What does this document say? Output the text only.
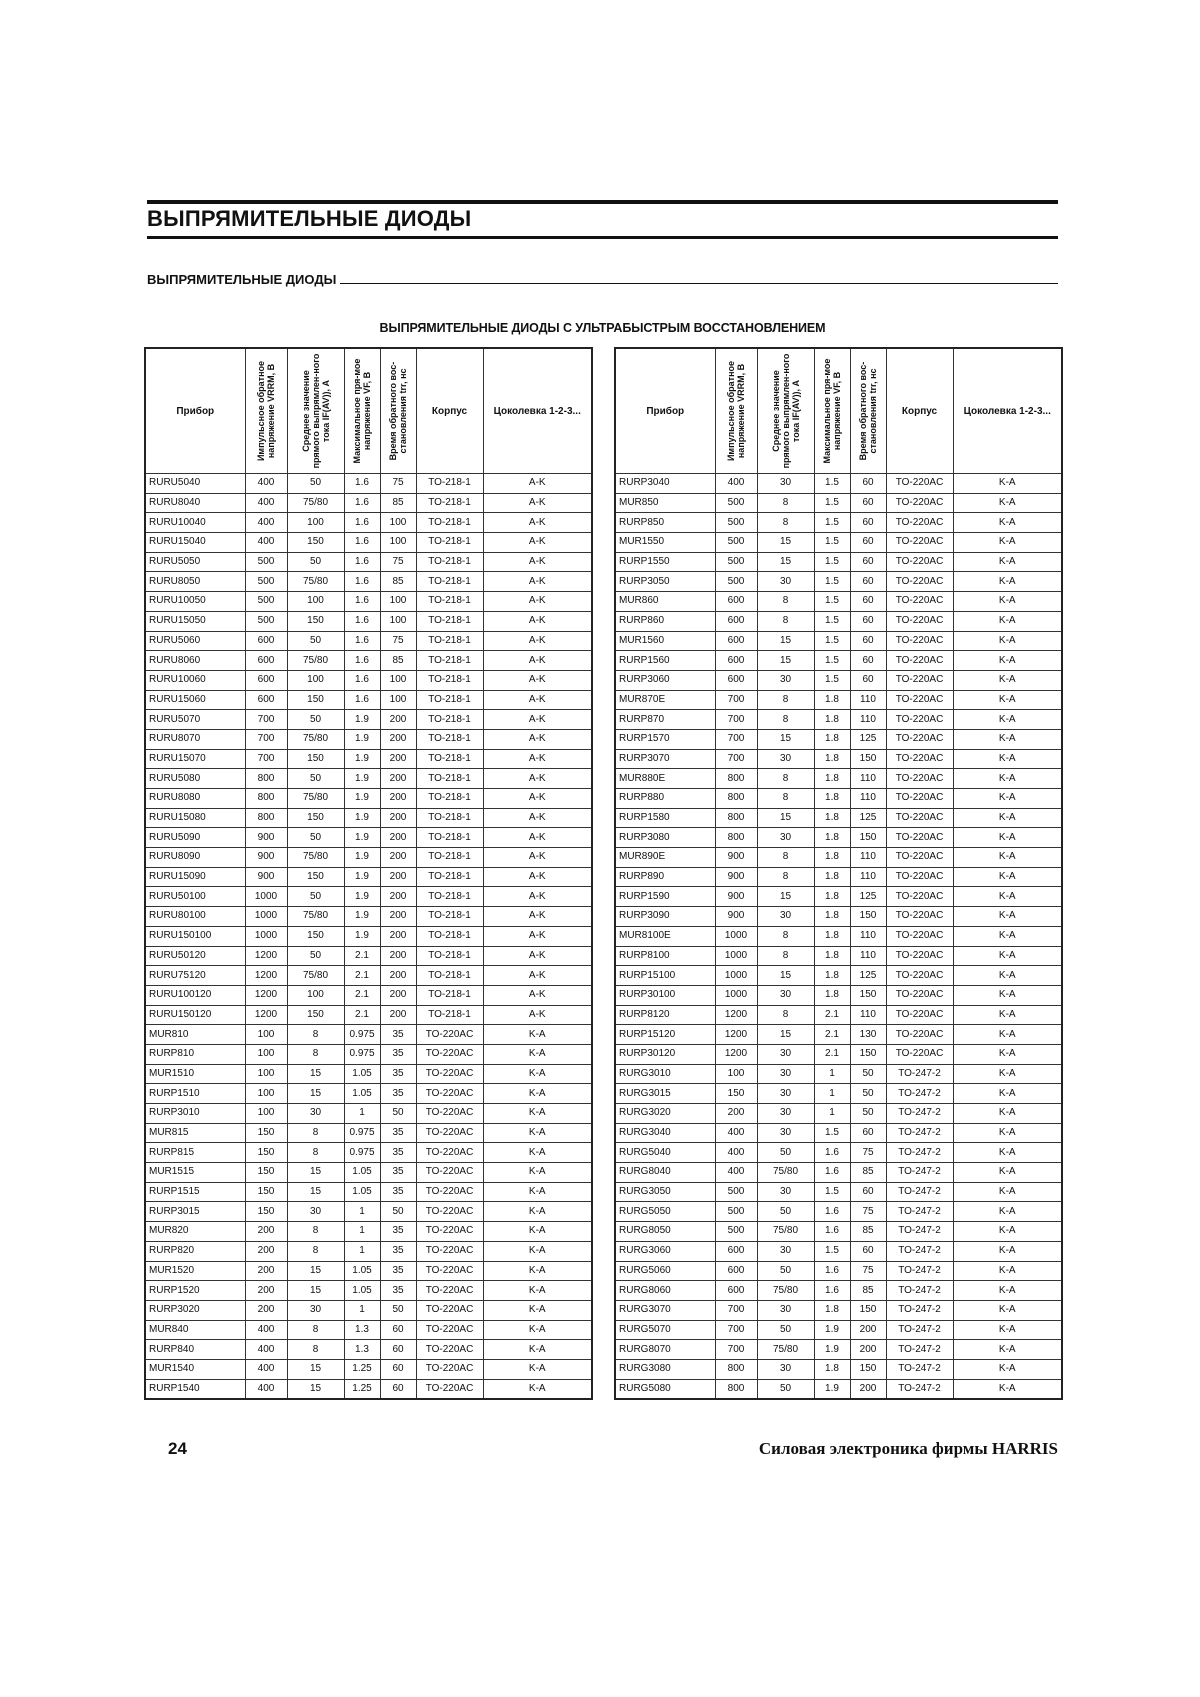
ВЫПРЯМИТЕЛЬНЫЕ ДИОДЫ
ВЫПРЯМИТЕЛЬНЫЕ ДИОДЫ
ВЫПРЯМИТЕЛЬНЫЕ ДИОДЫ С УЛЬТРАБЫСТРЫМ ВОССТАНОВЛЕНИЕМ
Прибор	Импульсное обратное напряжение VRRM, В	Среднее значение прямого выпрямлен-ного тока IF(AV)), А	Максимальное пря-мое напряжение VF, В	Время обратного вос-становления trr, нс	Корпус	Цоколевка 1-2-3...
RURU5040	400	50	1.6	75	TO-218-1	A-K
RURU8040	400	75/80	1.6	85	TO-218-1	A-K
RURU10040	400	100	1.6	100	TO-218-1	A-K
RURU15040	400	150	1.6	100	TO-218-1	A-K
RURU5050	500	50	1.6	75	TO-218-1	A-K
RURU8050	500	75/80	1.6	85	TO-218-1	A-K
RURU10050	500	100	1.6	100	TO-218-1	A-K
RURU15050	500	150	1.6	100	TO-218-1	A-K
RURU5060	600	50	1.6	75	TO-218-1	A-K
RURU8060	600	75/80	1.6	85	TO-218-1	A-K
RURU10060	600	100	1.6	100	TO-218-1	A-K
RURU15060	600	150	1.6	100	TO-218-1	A-K
RURU5070	700	50	1.9	200	TO-218-1	A-K
RURU8070	700	75/80	1.9	200	TO-218-1	A-K
RURU15070	700	150	1.9	200	TO-218-1	A-K
RURU5080	800	50	1.9	200	TO-218-1	A-K
RURU8080	800	75/80	1.9	200	TO-218-1	A-K
RURU15080	800	150	1.9	200	TO-218-1	A-K
RURU5090	900	50	1.9	200	TO-218-1	A-K
RURU8090	900	75/80	1.9	200	TO-218-1	A-K
RURU15090	900	150	1.9	200	TO-218-1	A-K
RURU50100	1000	50	1.9	200	TO-218-1	A-K
RURU80100	1000	75/80	1.9	200	TO-218-1	A-K
RURU150100	1000	150	1.9	200	TO-218-1	A-K
RURU50120	1200	50	2.1	200	TO-218-1	A-K
RURU75120	1200	75/80	2.1	200	TO-218-1	A-K
RURU100120	1200	100	2.1	200	TO-218-1	A-K
RURU150120	1200	150	2.1	200	TO-218-1	A-K
MUR810	100	8	0.975	35	TO-220AC	K-A
RURP810	100	8	0.975	35	TO-220AC	K-A
MUR1510	100	15	1.05	35	TO-220AC	K-A
RURP1510	100	15	1.05	35	TO-220AC	K-A
RURP3010	100	30	1	50	TO-220AC	K-A
MUR815	150	8	0.975	35	TO-220AC	K-A
RURP815	150	8	0.975	35	TO-220AC	K-A
MUR1515	150	15	1.05	35	TO-220AC	K-A
RURP1515	150	15	1.05	35	TO-220AC	K-A
RURP3015	150	30	1	50	TO-220AC	K-A
MUR820	200	8	1	35	TO-220AC	K-A
RURP820	200	8	1	35	TO-220AC	K-A
MUR1520	200	15	1.05	35	TO-220AC	K-A
RURP1520	200	15	1.05	35	TO-220AC	K-A
RURP3020	200	30	1	50	TO-220AC	K-A
MUR840	400	8	1.3	60	TO-220AC	K-A
RURP840	400	8	1.3	60	TO-220AC	K-A
MUR1540	400	15	1.25	60	TO-220AC	K-A
RURP1540	400	15	1.25	60	TO-220AC	K-A
Прибор	Импульсное обратное напряжение VRRM, В	Среднее значение прямого выпрямлен-ного тока IF(AV)), А	Максимальное пря-мое напряжение VF, В	Время обратного вос-становления trr, нс	Корпус	Цоколевка 1-2-3...
RURP3040	400	30	1.5	60	TO-220AC	K-A
MUR850	500	8	1.5	60	TO-220AC	K-A
RURP850	500	8	1.5	60	TO-220AC	K-A
MUR1550	500	15	1.5	60	TO-220AC	K-A
RURP1550	500	15	1.5	60	TO-220AC	K-A
RURP3050	500	30	1.5	60	TO-220AC	K-A
MUR860	600	8	1.5	60	TO-220AC	K-A
RURP860	600	8	1.5	60	TO-220AC	K-A
MUR1560	600	15	1.5	60	TO-220AC	K-A
RURP1560	600	15	1.5	60	TO-220AC	K-A
RURP3060	600	30	1.5	60	TO-220AC	K-A
MUR870E	700	8	1.8	110	TO-220AC	K-A
RURP870	700	8	1.8	110	TO-220AC	K-A
RURP1570	700	15	1.8	125	TO-220AC	K-A
RURP3070	700	30	1.8	150	TO-220AC	K-A
MUR880E	800	8	1.8	110	TO-220AC	K-A
RURP880	800	8	1.8	110	TO-220AC	K-A
RURP1580	800	15	1.8	125	TO-220AC	K-A
RURP3080	800	30	1.8	150	TO-220AC	K-A
MUR890E	900	8	1.8	110	TO-220AC	K-A
RURP890	900	8	1.8	110	TO-220AC	K-A
RURP1590	900	15	1.8	125	TO-220AC	K-A
RURP3090	900	30	1.8	150	TO-220AC	K-A
MUR8100E	1000	8	1.8	110	TO-220AC	K-A
RURP8100	1000	8	1.8	110	TO-220AC	K-A
RURP15100	1000	15	1.8	125	TO-220AC	K-A
RURP30100	1000	30	1.8	150	TO-220AC	K-A
RURP8120	1200	8	2.1	110	TO-220AC	K-A
RURP15120	1200	15	2.1	130	TO-220AC	K-A
RURP30120	1200	30	2.1	150	TO-220AC	K-A
RURG3010	100	30	1	50	TO-247-2	K-A
RURG3015	150	30	1	50	TO-247-2	K-A
RURG3020	200	30	1	50	TO-247-2	K-A
RURG3040	400	30	1.5	60	TO-247-2	K-A
RURG5040	400	50	1.6	75	TO-247-2	K-A
RURG8040	400	75/80	1.6	85	TO-247-2	K-A
RURG3050	500	30	1.5	60	TO-247-2	K-A
RURG5050	500	50	1.6	75	TO-247-2	K-A
RURG8050	500	75/80	1.6	85	TO-247-2	K-A
RURG3060	600	30	1.5	60	TO-247-2	K-A
RURG5060	600	50	1.6	75	TO-247-2	K-A
RURG8060	600	75/80	1.6	85	TO-247-2	K-A
RURG3070	700	30	1.8	150	TO-247-2	K-A
RURG5070	700	50	1.9	200	TO-247-2	K-A
RURG8070	700	75/80	1.9	200	TO-247-2	K-A
RURG3080	800	30	1.8	150	TO-247-2	K-A
RURG5080	800	50	1.9	200	TO-247-2	K-A
24	Силовая электроника фирмы HARRIS
